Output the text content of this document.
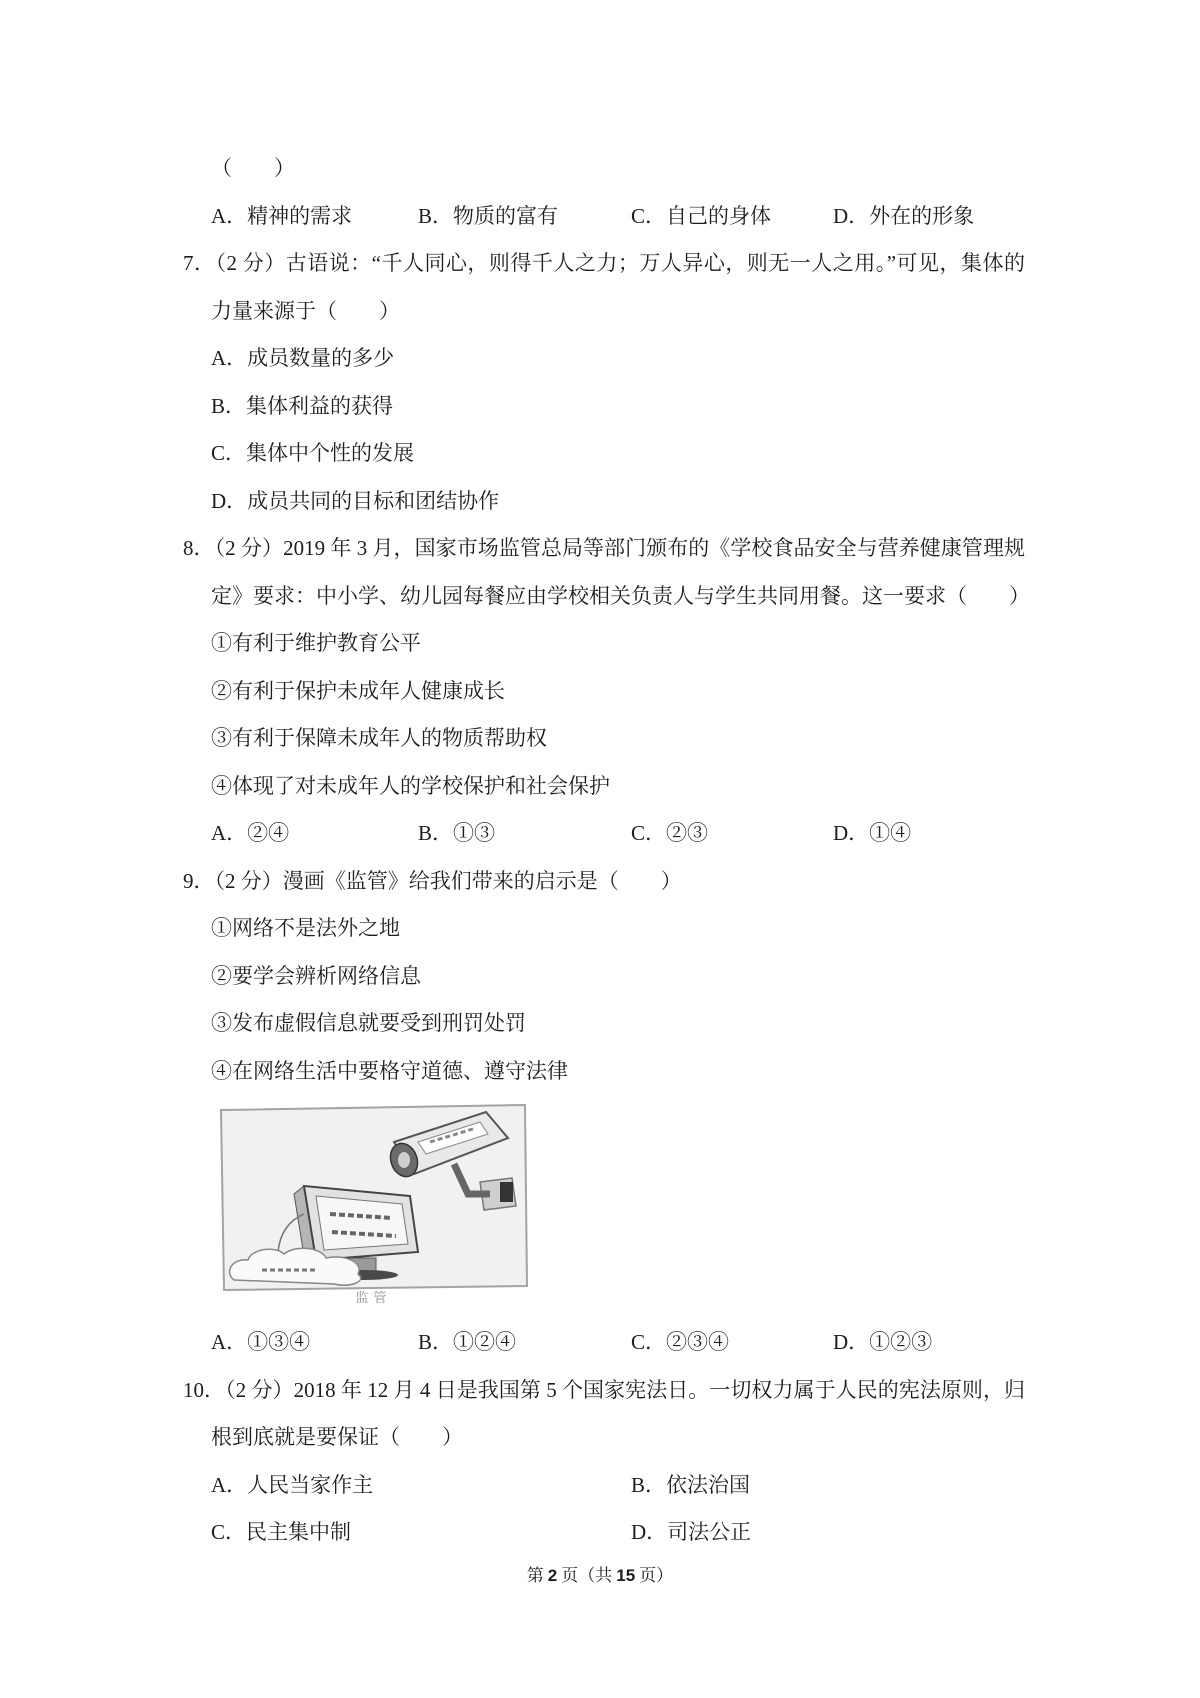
（　　）
A．精神的需求	B．物质的富有	C．自己的身体	D．外在的形象
7．（2 分）古语说：“千人同心，则得千人之力；万人异心，则无一人之用。”可见，集体的
力量来源于（　　）
A．成员数量的多少
B．集体利益的获得
C．集体中个性的发展
D．成员共同的目标和团结协作
8．（2 分）2019 年 3 月，国家市场监管总局等部门颁布的《学校食品安全与营养健康管理规
定》要求：中小学、幼儿园每餐应由学校相关负责人与学生共同用餐。这一要求（　　）
①有利于维护教育公平
②有利于保护未成年人健康成长
③有利于保障未成年人的物质帮助权
④体现了对未成年人的学校保护和社会保护
A．②④	B．①③	C．②③	D．①④
9．（2 分）漫画《监管》给我们带来的启示是（　　）
①网络不是法外之地
②要学会辨析网络信息
③发布虚假信息就要受到刑罚处罚
④在网络生活中要格守道德、遵守法律
监管
A．①③④	B．①②④	C．②③④	D．①②③
10．（2 分）2018 年 12 月 4 日是我国第 5 个国家宪法日。一切权力属于人民的宪法原则，归
根到底就是要保证（　　）
A．人民当家作主	B．依法治国
C．民主集中制	D．司法公正
第 2 页（共 15 页）
